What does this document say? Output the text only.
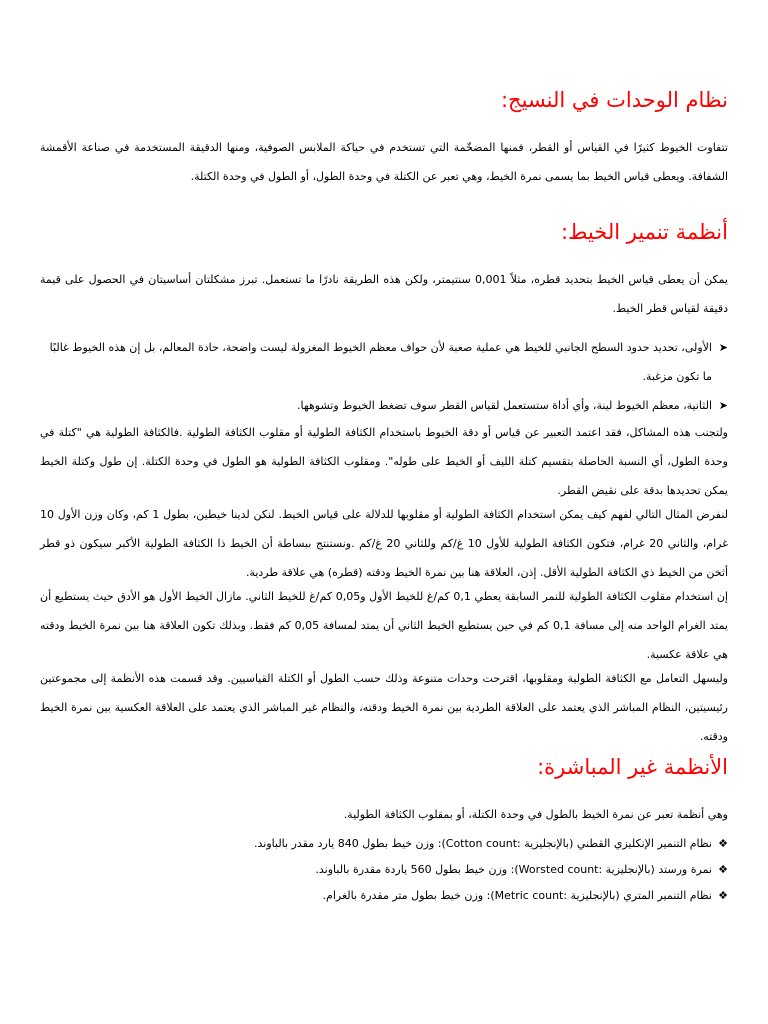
نظام الوحدات في النسيج:

تتفاوت الخيوط كثيرًا في القياس أو القطر، فمنها المضخّمة التي تستخدم في حياكة الملابس الصوفية، ومنها الدقيقة المستخدمة في صناعة الأقمشة الشفافة. ويعطى قياس الخيط بما يسمى نمرة الخيط، وهي تعبر عن الكتلة في وحدة الطول، أو الطول في وحدة الكتلة.

أنظمة تنمير الخيط:

يمكن أن يعطى قياس الخيط بتحديد قطره، مثلاً 0,001 سنتيمتر، ولكن هذه الطريقة نادرًا ما تستعمل. تبرز مشكلتان أساسيتان في الحصول على قيمة دقيقة لقياس قطر الخيط.

➤
الأولى، تحديد حدود السطح الجانبي للخيط هي عملية صعبة لأن حواف معظم الخيوط المغزولة ليست واضحة، حادة المعالم، بل إن هذه الخيوط غالبًا ما تكون مزغبة.
➤
الثانية، معظم الخيوط لينة، وأي أداة ستستعمل لقياس القطر سوف تضغط الخيوط وتشوهها.

ولتجنب هذه المشاكل، فقد اعتمد التعبير عن قياس أو دقة الخيوط باستخدام الكثافة الطولية أو مقلوب الكثافة الطولية .فالكثافة الطولية هي "كتلة في وحدة الطول، أي النسبة الحاصلة بتقسيم كتلة الليف أو الخيط على طوله". ومقلوب الكثافة الطولية هو الطول في وحدة الكتلة. إن طول وكتلة الخيط يمكن تحديدها بدقة على نقيض القطر.

لنفرض المثال التالي لفهم كيف يمكن استخدام الكثافة الطولية أو مقلوبها للدلالة على قياس الخيط. لنكن لدينا خيطين، بطول 1 كم، وكان وزن الأول 10 غرام، والثاني 20 غرام، فتكون الكثافة الطولية للأول 10 غ/كم وللثاني 20 غ/كم .ونستنتج ببساطة أن الخيط ذا الكثافة الطولية الأكبر سيكون ذو قطر أثخن من الخيط ذي الكثافة الطولية الأقل. إذن، العلاقة هنا بين نمرة الخيط ودقته (قطره) هي علاقة طردية.

إن استخدام مقلوب الكثافة الطولية للنمر السابقة يعطي 0,1 كم/غ للخيط الأول و0,05 كم/غ للخيط الثاني. مازال الخيط الأول هو الأدق حيث يستطيع أن يمتد الغرام الواحد منه إلى مسافة 0,1 كم في حين يستطيع الخيط الثاني أن يمتد لمسافة 0,05 كم فقط. وبذلك تكون العلاقة هنا بين نمرة الخيط ودقته هي علاقة عكسية.

وليسهل التعامل مع الكثافة الطولية ومقلوبها، اقترحت وحدات متنوعة وذلك حسب الطول أو الكتلة القياسيين. وقد قسمت هذه الأنظمة إلى مجموعتين رئيسيتين، النظام المباشر الذي يعتمد على العلاقة الطردية بين نمرة الخيط ودقته، والنظام غير المباشر الذي يعتمد على العلاقة العكسية بين نمرة الخيط ودقته.

الأنظمة غير المباشرة:

وهي أنظمة تعبر عن نمرة الخيط بالطول في وحدة الكتلة، أو بمقلوب الكثافة الطولية.

❖
نظام التنمير الإنكليزي القطني (بالإنجليزية :Cotton count): وزن خيط بطول 840 يارد مقدر بالباوند.
❖
نمرة ورستد (بالإنجليزية :Worsted count): وزن خيط بطول 560 ياردة مقدرة بالباوند.
❖
نظام التنمير المتري (بالإنجليزية :Metric count): وزن خيط بطول متر مقدرة بالغرام.
